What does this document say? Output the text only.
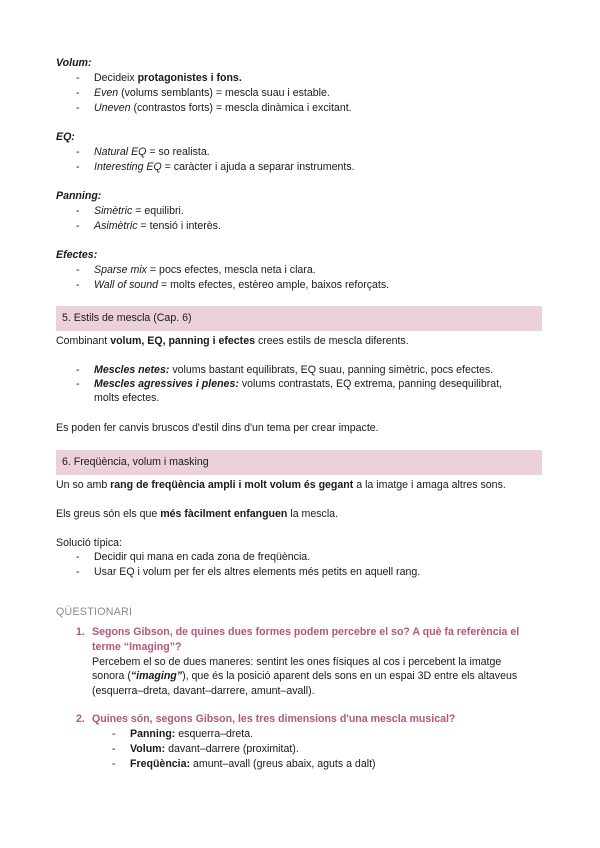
Volum:
- Decideix protagonistes i fons.
- Even (volums semblants) = mescla suau i estable.
- Uneven (contrastos forts) = mescla dinàmica i excitant.
EQ:
- Natural EQ = so realista.
- Interesting EQ = caràcter i ajuda a separar instruments.
Panning:
- Simètric = equilibri.
- Asimètric = tensió i interès.
Efectes:
- Sparse mix = pocs efectes, mescla neta i clara.
- Wall of sound = molts efectes, estèreo ample, baixos reforçats.
5. Estils de mescla (Cap. 6)
Combinant volum, EQ, panning i efectes crees estils de mescla diferents.
- Mescles netes: volums bastant equilibrats, EQ suau, panning simètric, pocs efectes.
- Mescles agressives i plenes: volums contrastats, EQ extrema, panning desequilibrat,
molts efectes.
Es poden fer canvis bruscos d'estil dins d'un tema per crear impacte.
6. Freqüència, volum i masking
Un so amb rang de freqüència ampli i molt volum és gegant a la imatge i amaga altres sons.
Els greus són els que més fàcilment enfanguen la mescla.
Solució típica:
- Decidir qui mana en cada zona de freqüència.
- Usar EQ i volum per fer els altres elements més petits en aquell rang.
QÜESTIONARI
1. Segons Gibson, de quines dues formes podem percebre el so? A què fa referència el
terme “Imaging”?
Percebem el so de dues maneres: sentint les ones físiques al cos i percebent la imatge
sonora (“imaging”), que és la posició aparent dels sons en un espai 3D entre els altaveus
(esquerra–dreta, davant–darrere, amunt–avall).
2. Quines són, segons Gibson, les tres dimensions d'una mescla musical?
- Panning: esquerra–dreta.
- Volum: davant–darrere (proximitat).
- Freqüència: amunt–avall (greus abaix, aguts a dalt)
